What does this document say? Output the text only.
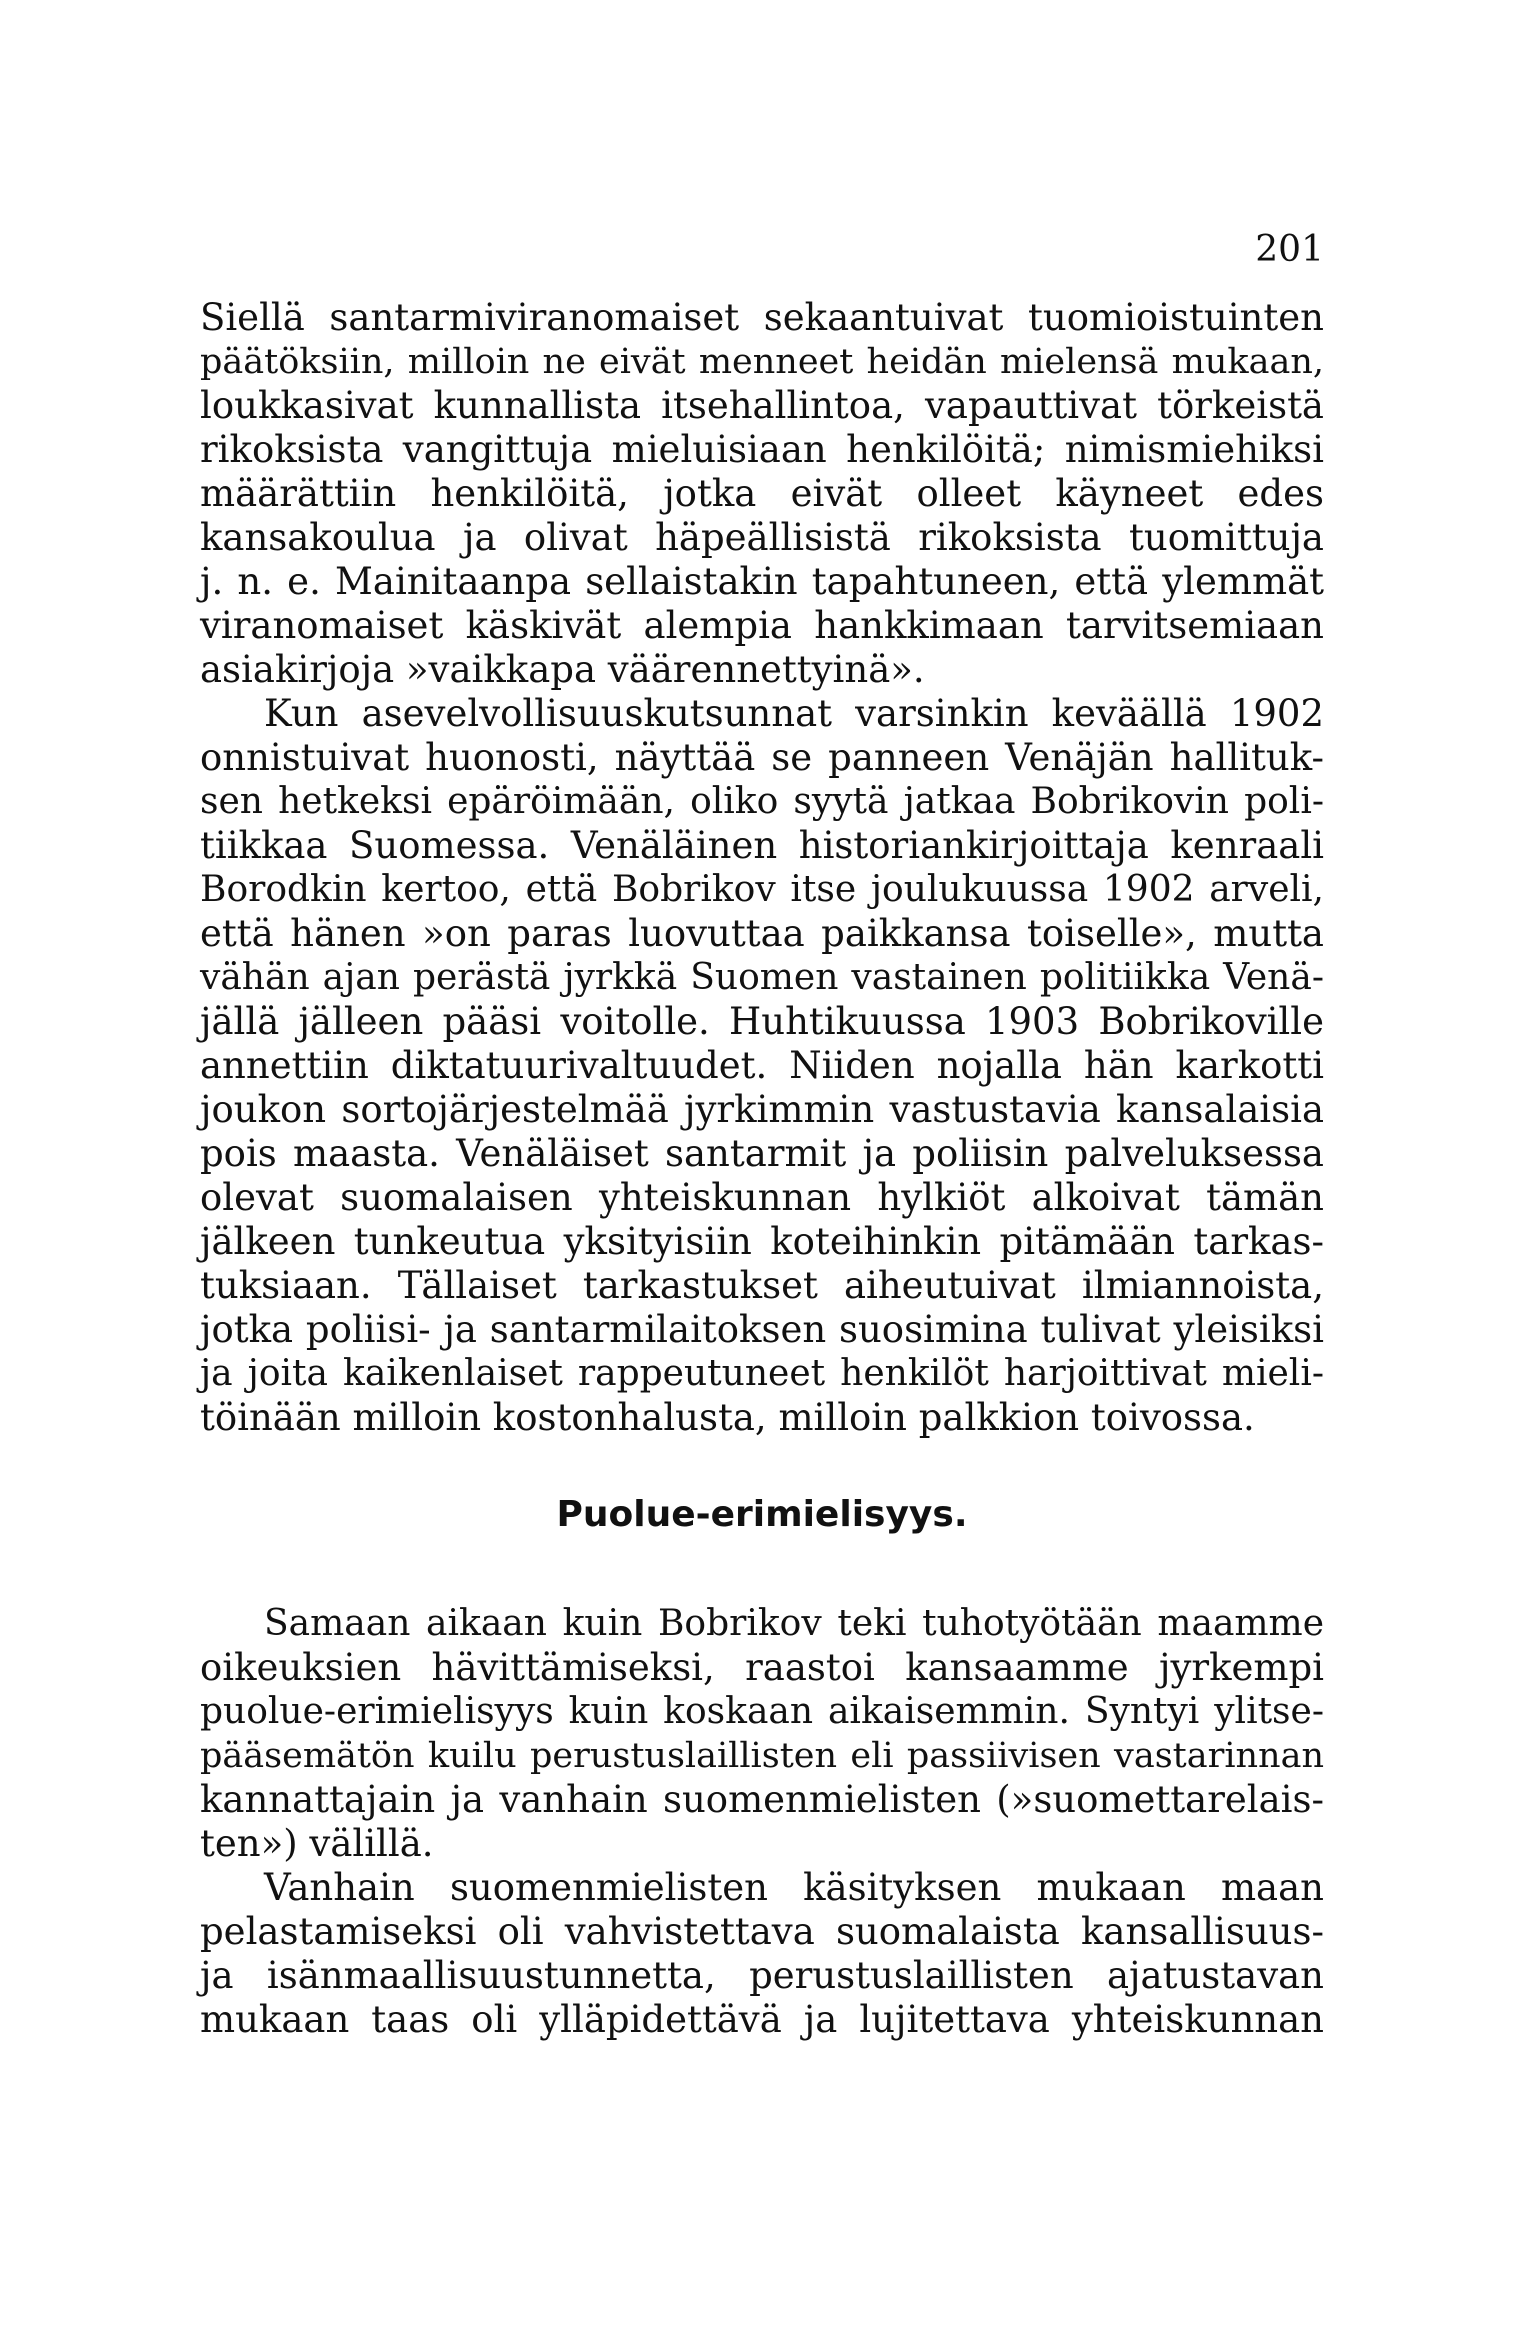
201
Siellä santarmiviranomaiset sekaantuivat tuomioistuinten
päätöksiin, milloin ne eivät menneet heidän mielensä mukaan,
loukkasivat kunnallista itsehallintoa, vapauttivat törkeistä
rikoksista vangittuja mieluisiaan henkilöitä; nimismiehiksi
määrättiin henkilöitä, jotka eivät olleet käyneet edes
kansakoulua ja olivat häpeällisistä rikoksista tuomittuja
j. n. e. Mainitaanpa sellaistakin tapahtuneen, että ylemmät
viranomaiset käskivät alempia hankkimaan tarvitsemiaan
asiakirjoja »vaikkapa väärennettyinä».
Kun asevelvollisuuskutsunnat varsinkin keväällä 1902
onnistuivat huonosti, näyttää se panneen Venäjän hallituk-
sen hetkeksi epäröimään, oliko syytä jatkaa Bobrikovin poli-
tiikkaa Suomessa. Venäläinen historiankirjoittaja kenraali
Borodkin kertoo, että Bobrikov itse joulukuussa 1902 arveli,
että hänen »on paras luovuttaa paikkansa toiselle», mutta
vähän ajan perästä jyrkkä Suomen vastainen politiikka Venä-
jällä jälleen pääsi voitolle. Huhtikuussa 1903 Bobrikoville
annettiin diktatuurivaltuudet. Niiden nojalla hän karkotti
joukon sortojärjestelmää jyrkimmin vastustavia kansalaisia
pois maasta. Venäläiset santarmit ja poliisin palveluksessa
olevat suomalaisen yhteiskunnan hylkiöt alkoivat tämän
jälkeen tunkeutua yksityisiin koteihinkin pitämään tarkas-
tuksiaan. Tällaiset tarkastukset aiheutuivat ilmiannoista,
jotka poliisi- ja santarmilaitoksen suosimina tulivat yleisiksi
ja joita kaikenlaiset rappeutuneet henkilöt harjoittivat mieli-
töinään milloin kostonhalusta, milloin palkkion toivossa.
Puolue-erimielisyys.
Samaan aikaan kuin Bobrikov teki tuhotyötään maamme
oikeuksien hävittämiseksi, raastoi kansaamme jyrkempi
puolue-erimielisyys kuin koskaan aikaisemmin. Syntyi ylitse-
pääsemätön kuilu perustuslaillisten eli passiivisen vastarinnan
kannattajain ja vanhain suomenmielisten (»suomettarelais-
ten») välillä.
Vanhain suomenmielisten käsityksen mukaan maan
pelastamiseksi oli vahvistettava suomalaista kansallisuus-
ja isänmaallisuustunnetta, perustuslaillisten ajatustavan
mukaan taas oli ylläpidettävä ja lujitettava yhteiskunnan
